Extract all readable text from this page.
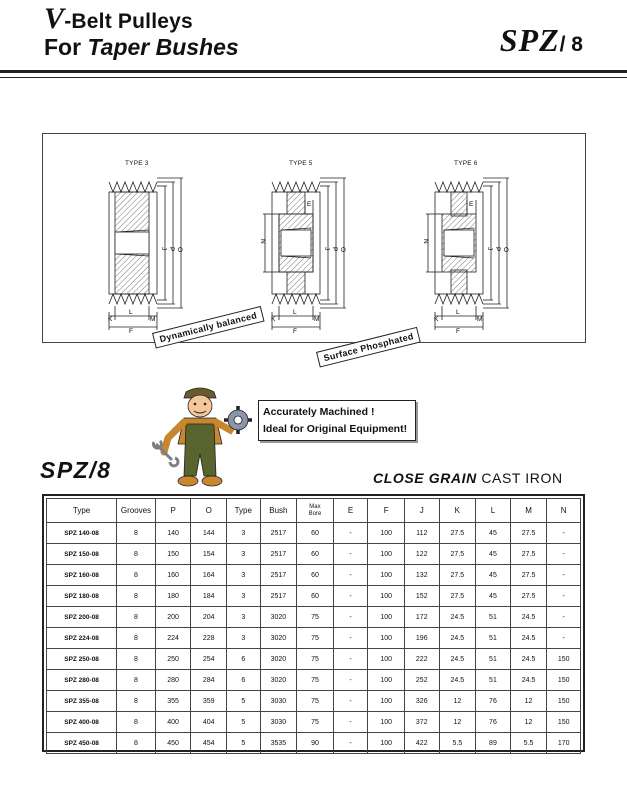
V-Belt Pulleys
For Taper Bushes	SPZ/ 8
TYPE 3	TYPE 5	TYPE 6
J P O
K
L
M
F
E
N
J P O
K
L
M
F
E
N
J P O
K
L
M
F
Dynamically balanced
Surface Phosphated
Accurately Machined !
Ideal for Original Equipment!
SPZ/8	CLOSE GRAIN CAST IRON
Type	Grooves	P	O	Type	Bush	Max
Bore	E	F	J	K	L	M	N
SPZ 140-08	8	140	144	3	2517	60	-	100	112	27.5	45	27.5	-
SPZ 150-08	8	150	154	3	2517	60	-	100	122	27.5	45	27.5	-
SPZ 160-08	8	160	164	3	2517	60	-	100	132	27.5	45	27.5	-
SPZ 180-08	8	180	184	3	2517	60	-	100	152	27.5	45	27.5	-
SPZ 200-08	8	200	204	3	3020	75	-	100	172	24.5	51	24.5	-
SPZ 224-08	8	224	228	3	3020	75	-	100	196	24.5	51	24.5	-
SPZ 250-08	8	250	254	6	3020	75	-	100	222	24.5	51	24.5	150
SPZ 280-08	8	280	284	6	3020	75	-	100	252	24.5	51	24.5	150
SPZ 355-08	8	355	359	5	3030	75	-	100	326	12	76	12	150
SPZ 400-08	8	400	404	5	3030	75	-	100	372	12	76	12	150
SPZ 450-08	8	450	454	5	3535	90	-	100	422	5.5	89	5.5	170
